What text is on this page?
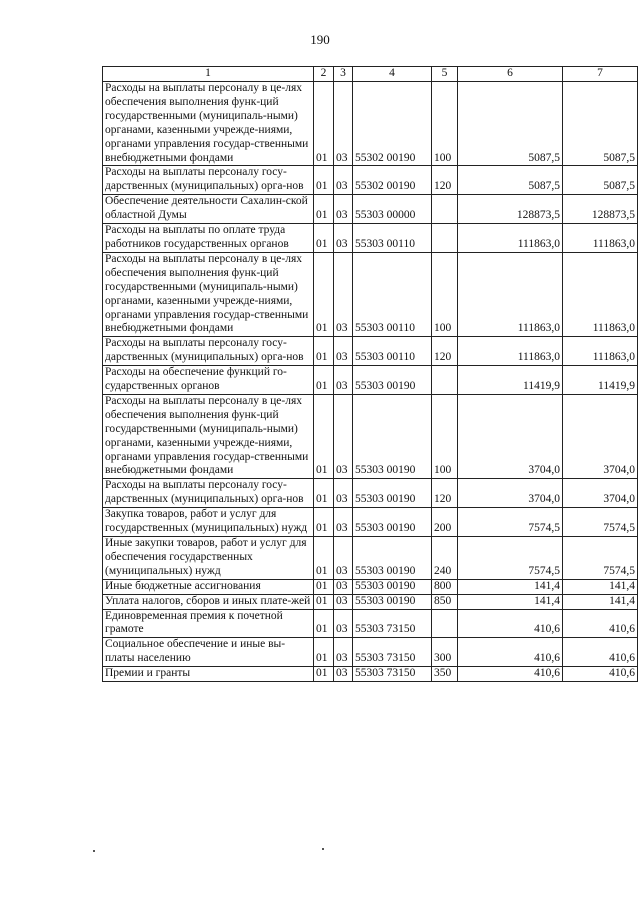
190
1	2	3	4	5	6	7
Расходы на выплаты персоналу в це-лях обеспечения выполнения функ-ций государственными (муниципаль-ными) органами, казенными учрежде-ниями, органами управления государ-ственными внебюджетными фондами	01	03	55302 00190	100	5087,5	5087,5
Расходы на выплаты персоналу госу-дарственных (муниципальных) орга-нов	01	03	55302 00190	120	5087,5	5087,5
Обеспечение деятельности Сахалин-ской областной Думы	01	03	55303 00000		128873,5	128873,5
Расходы на выплаты по оплате труда работников государственных органов	01	03	55303 00110		111863,0	111863,0
Расходы на выплаты персоналу в це-лях обеспечения выполнения функ-ций государственными (муниципаль-ными) органами, казенными учрежде-ниями, органами управления государ-ственными внебюджетными фондами	01	03	55303 00110	100	111863,0	111863,0
Расходы на выплаты персоналу госу-дарственных (муниципальных) орга-нов	01	03	55303 00110	120	111863,0	111863,0
Расходы на обеспечение функций го-сударственных органов	01	03	55303 00190		11419,9	11419,9
Расходы на выплаты персоналу в це-лях обеспечения выполнения функ-ций государственными (муниципаль-ными) органами, казенными учрежде-ниями, органами управления государ-ственными внебюджетными фондами	01	03	55303 00190	100	3704,0	3704,0
Расходы на выплаты персоналу госу-дарственных (муниципальных) орга-нов	01	03	55303 00190	120	3704,0	3704,0
Закупка товаров, работ и услуг для государственных (муниципальных) нужд	01	03	55303 00190	200	7574,5	7574,5
Иные закупки товаров, работ и услуг для обеспечения государственных (муниципальных) нужд	01	03	55303 00190	240	7574,5	7574,5
Иные бюджетные ассигнования	01	03	55303 00190	800	141,4	141,4
Уплата налогов, сборов и иных плате-жей	01	03	55303 00190	850	141,4	141,4
Единовременная премия к почетной грамоте	01	03	55303 73150		410,6	410,6
Социальное обеспечение и иные вы-платы населению	01	03	55303 73150	300	410,6	410,6
Премии и гранты	01	03	55303 73150	350	410,6	410,6
